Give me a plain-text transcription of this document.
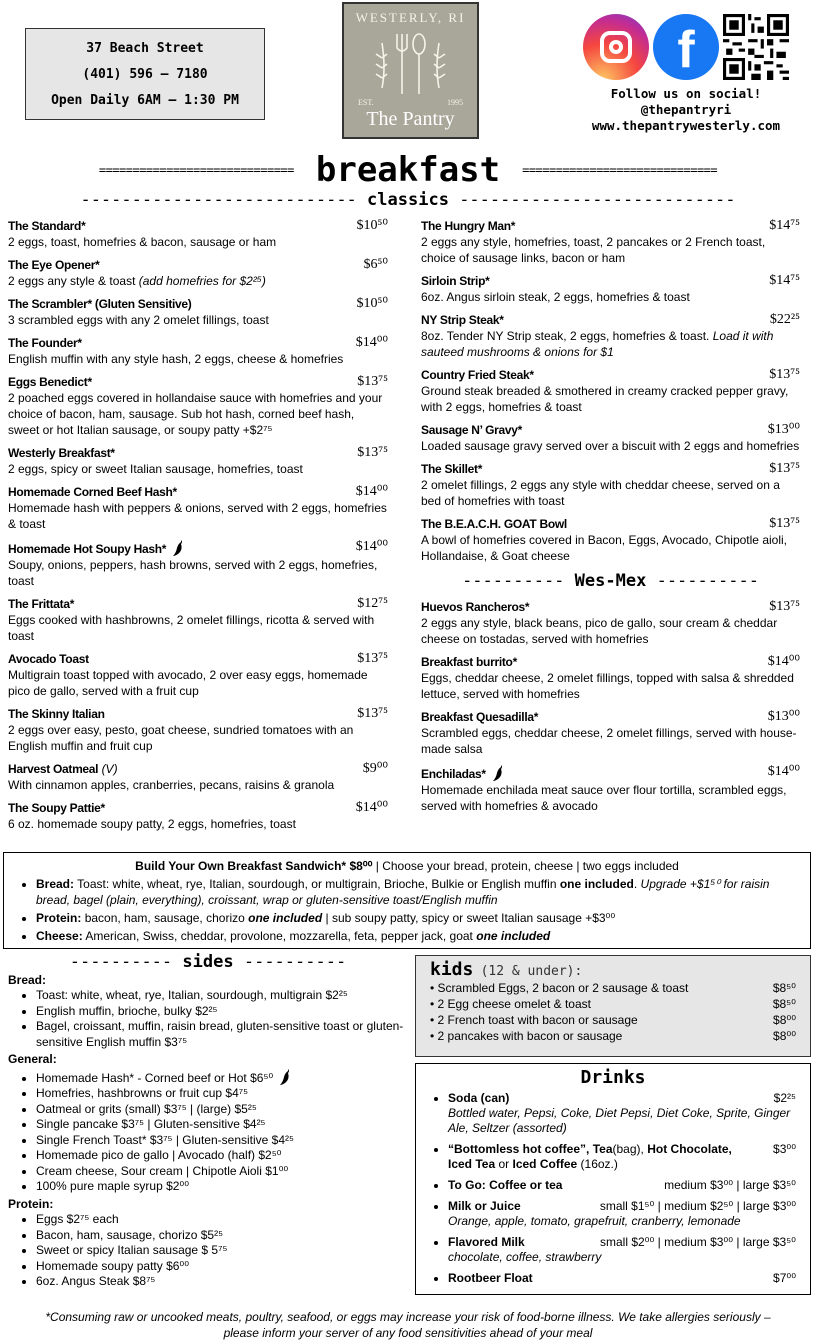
37 Beach Street
(401) 596 – 7180
Open Daily 6AM – 1:30 PM
WESTERLY, RI
EST.	1995
The Pantry
f
Follow us on social!
@thepantryri
www.thepantrywesterly.com
============================= breakfast =============================
--------------------------- classics ---------------------------
The Standard*	$10⁵⁰
2 eggs, toast, homefries & bacon, sausage or ham
The Eye Opener*	$6⁵⁰
2 eggs any style & toast (add homefries for $2²⁵)
The Scrambler* (Gluten Sensitive)	$10⁵⁰
3 scrambled eggs with any 2 omelet fillings, toast
The Founder*	$14⁰⁰
English muffin with any style hash, 2 eggs, cheese & homefries
Eggs Benedict*	$13⁷⁵
2 poached eggs covered in hollandaise sauce with homefries and your choice of bacon, ham, sausage. Sub hot hash, corned beef hash, sweet or hot Italian sausage, or soupy patty +$2⁷⁵
Westerly Breakfast*	$13⁷⁵
2 eggs, spicy or sweet Italian sausage, homefries, toast
Homemade Corned Beef Hash*	$14⁰⁰
Homemade hash with peppers & onions, served with 2 eggs, homefries & toast
Homemade Hot Soupy Hash*	$14⁰⁰
Soupy, onions, peppers, hash browns, served with 2 eggs, homefries, toast
The Frittata*	$12⁷⁵
Eggs cooked with hashbrowns, 2 omelet fillings, ricotta & served with toast
Avocado Toast	$13⁷⁵
Multigrain toast topped with avocado, 2 over easy eggs, homemade pico de gallo, served with a fruit cup
The Skinny Italian	$13⁷⁵
2 eggs over easy, pesto, goat cheese, sundried tomatoes with an English muffin and fruit cup
Harvest Oatmeal (V)	$9⁰⁰
With cinnamon apples, cranberries, pecans, raisins & granola
The Soupy Pattie*	$14⁰⁰
6 oz. homemade soupy patty, 2 eggs, homefries, toast
The Hungry Man*	$14⁷⁵
2 eggs any style, homefries, toast, 2 pancakes or 2 French toast, choice of sausage links, bacon or ham
Sirloin Strip*	$14⁷⁵
6oz. Angus sirloin steak, 2 eggs, homefries & toast
NY Strip Steak*	$22²⁵
8oz. Tender NY Strip steak, 2 eggs, homefries & toast. Load it with sauteed mushrooms & onions for $1
Country Fried Steak*	$13⁷⁵
Ground steak breaded & smothered in creamy cracked pepper gravy, with 2 eggs, homefries & toast
Sausage N’ Gravy*	$13⁰⁰
Loaded sausage gravy served over a biscuit with 2 eggs and homefries
The Skillet*	$13⁷⁵
2 omelet fillings, 2 eggs any style with cheddar cheese, served on a bed of homefries with toast
The B.E.A.C.H. GOAT Bowl	$13⁷⁵
A bowl of homefries covered in Bacon, Eggs, Avocado, Chipotle aioli, Hollandaise, & Goat cheese
---------- Wes-Mex ----------
Huevos Rancheros*	$13⁷⁵
2 eggs any style, black beans, pico de gallo, sour cream & cheddar cheese on tostadas, served with homefries
Breakfast burrito*	$14⁰⁰
Eggs, cheddar cheese, 2 omelet fillings, topped with salsa & shredded lettuce, served with homefries
Breakfast Quesadilla*	$13⁰⁰
Scrambled eggs, cheddar cheese, 2 omelet fillings, served with house-made salsa
Enchiladas*	$14⁰⁰
Homemade enchilada meat sauce over flour tortilla, scrambled eggs, served with homefries & avocado
Build Your Own Breakfast Sandwich* $8⁰⁰ | Choose your bread, protein, cheese | two eggs included
• Bread: Toast: white, wheat, rye, Italian, sourdough, or multigrain, Brioche, Bulkie or English muffin one included. Upgrade +$1⁵⁰ for raisin bread, bagel (plain, everything), croissant, wrap or gluten-sensitive toast/English muffin
• Protein: bacon, ham, sausage, chorizo one included | sub soupy patty, spicy or sweet Italian sausage +$3⁰⁰
• Cheese: American, Swiss, cheddar, provolone, mozzarella, feta, pepper jack, goat one included
---------- sides ----------
Bread:
• Toast: white, wheat, rye, Italian, sourdough, multigrain $2²⁵
• English muffin, brioche, bulky $2²⁵
• Bagel, croissant, muffin, raisin bread, gluten-sensitive toast or gluten-sensitive English muffin $3⁷⁵
General:
• Homemade Hash* - Corned beef or Hot $6⁵⁰
• Homefries, hashbrowns or fruit cup $4⁷⁵
• Oatmeal or grits (small) $3⁷⁵ | (large) $5²⁵
• Single pancake $3⁷⁵ | Gluten-sensitive $4²⁵
• Single French Toast* $3⁷⁵ | Gluten-sensitive $4²⁵
• Homemade pico de gallo | Avocado (half) $2⁵⁰
• Cream cheese, Sour cream | Chipotle Aioli $1⁰⁰
• 100% pure maple syrup $2⁰⁰
Protein:
• Eggs $2⁷⁵ each
• Bacon, ham, sausage, chorizo $5²⁵
• Sweet or spicy Italian sausage $ 5⁷⁵
• Homemade soupy patty $6⁰⁰
• 6oz. Angus Steak $8⁷⁵
kids (12 & under):
• Scrambled Eggs, 2 bacon or 2 sausage & toast	$8⁵⁰
• 2 Egg cheese omelet & toast	$8⁵⁰
• 2 French toast with bacon or sausage	$8⁰⁰
• 2 pancakes with bacon or sausage	$8⁰⁰
Drinks
• Soda (can)	$2²⁵
Bottled water, Pepsi, Coke, Diet Pepsi, Diet Coke, Sprite, Ginger Ale, Seltzer (assorted)
• “Bottomless hot coffee”, Tea(bag), Hot Chocolate, Iced Tea or Iced Coffee (16oz.)
$3⁰⁰
• To Go: Coffee or tea	medium $3⁰⁰ | large $3⁵⁰
• Milk or Juice	small $1⁵⁰ | medium $2⁵⁰ | large $3⁰⁰
Orange, apple, tomato, grapefruit, cranberry, lemonade
• Flavored Milk	small $2⁰⁰ | medium $3⁰⁰ | large $3⁵⁰
chocolate, coffee, strawberry
• Rootbeer Float	$7⁰⁰
*Consuming raw or uncooked meats, poultry, seafood, or eggs may increase your risk of food-borne illness. We take allergies seriously – please inform your server of any food sensitivities ahead of your meal
